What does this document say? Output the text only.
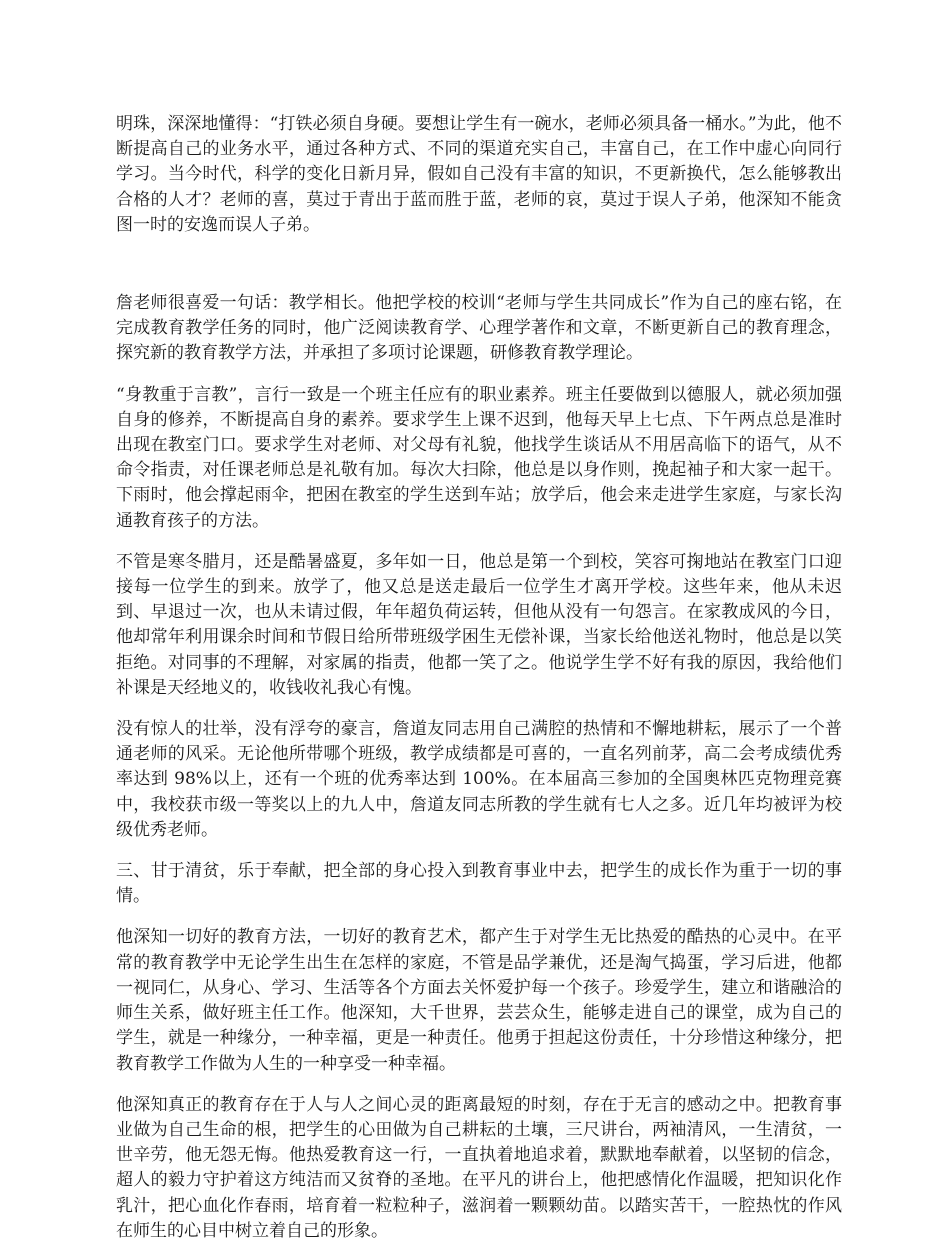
明珠，深深地懂得：“打铁必须自身硬。要想让学生有一碗水，老师必须具备一桶水。”为此，他不断提高自己的业务水平，通过各种方式、不同的渠道充实自己，丰富自己，在工作中虚心向同行学习。当今时代，科学的变化日新月异，假如自己没有丰富的知识，不更新换代，怎么能够教出合格的人才？老师的喜，莫过于青出于蓝而胜于蓝，老师的哀，莫过于误人子弟，他深知不能贪图一时的安逸而误人子弟。

詹老师很喜爱一句话：教学相长。他把学校的校训“老师与学生共同成长”作为自己的座右铭，在完成教育教学任务的同时，他广泛阅读教育学、心理学著作和文章，不断更新自己的教育理念，探究新的教育教学方法，并承担了多项讨论课题，研修教育教学理论。

“身教重于言教”，言行一致是一个班主任应有的职业素养。班主任要做到以德服人，就必须加强自身的修养，不断提高自身的素养。要求学生上课不迟到，他每天早上七点、下午两点总是准时出现在教室门口。要求学生对老师、对父母有礼貌，他找学生谈话从不用居高临下的语气，从不命令指责，对任课老师总是礼敬有加。每次大扫除，他总是以身作则，挽起袖子和大家一起干。下雨时，他会撑起雨伞，把困在教室的学生送到车站；放学后，他会来走进学生家庭，与家长沟通教育孩子的方法。

不管是寒冬腊月，还是酷暑盛夏，多年如一日，他总是第一个到校，笑容可掬地站在教室门口迎接每一位学生的到来。放学了，他又总是送走最后一位学生才离开学校。这些年来，他从未迟到、早退过一次，也从未请过假，年年超负荷运转，但他从没有一句怨言。在家教成风的今日，他却常年利用课余时间和节假日给所带班级学困生无偿补课，当家长给他送礼物时，他总是以笑拒绝。对同事的不理解，对家属的指责，他都一笑了之。他说学生学不好有我的原因，我给他们补课是天经地义的，收钱收礼我心有愧。

没有惊人的壮举，没有浮夸的豪言，詹道友同志用自己满腔的热情和不懈地耕耘，展示了一个普通老师的风采。无论他所带哪个班级，教学成绩都是可喜的，一直名列前茅，高二会考成绩优秀率达到 98%以上，还有一个班的优秀率达到 100%。在本届高三参加的全国奥林匹克物理竞赛中，我校获市级一等奖以上的九人中，詹道友同志所教的学生就有七人之多。近几年均被评为校级优秀老师。

三、甘于清贫，乐于奉献，把全部的身心投入到教育事业中去，把学生的成长作为重于一切的事情。

他深知一切好的教育方法，一切好的教育艺术，都产生于对学生无比热爱的酷热的心灵中。在平常的教育教学中无论学生出生在怎样的家庭，不管是品学兼优，还是淘气捣蛋，学习后进，他都一视同仁，从身心、学习、生活等各个方面去关怀爱护每一个孩子。珍爱学生，建立和谐融洽的师生关系，做好班主任工作。他深知，大千世界，芸芸众生，能够走进自己的课堂，成为自己的学生，就是一种缘分，一种幸福，更是一种责任。他勇于担起这份责任，十分珍惜这种缘分，把教育教学工作做为人生的一种享受一种幸福。

他深知真正的教育存在于人与人之间心灵的距离最短的时刻，存在于无言的感动之中。把教育事业做为自己生命的根，把学生的心田做为自己耕耘的土壤，三尺讲台，两袖清风，一生清贫，一世辛劳，他无怨无悔。他热爱教育这一行，一直执着地追求着，默默地奉献着，以坚韧的信念，超人的毅力守护着这方纯洁而又贫脊的圣地。在平凡的讲台上，他把感情化作温暖，把知识化作乳汁，把心血化作春雨，培育着一粒粒种子，滋润着一颗颗幼苗。以踏实苦干，一腔热忱的作风在师生的心目中树立着自己的形象。
